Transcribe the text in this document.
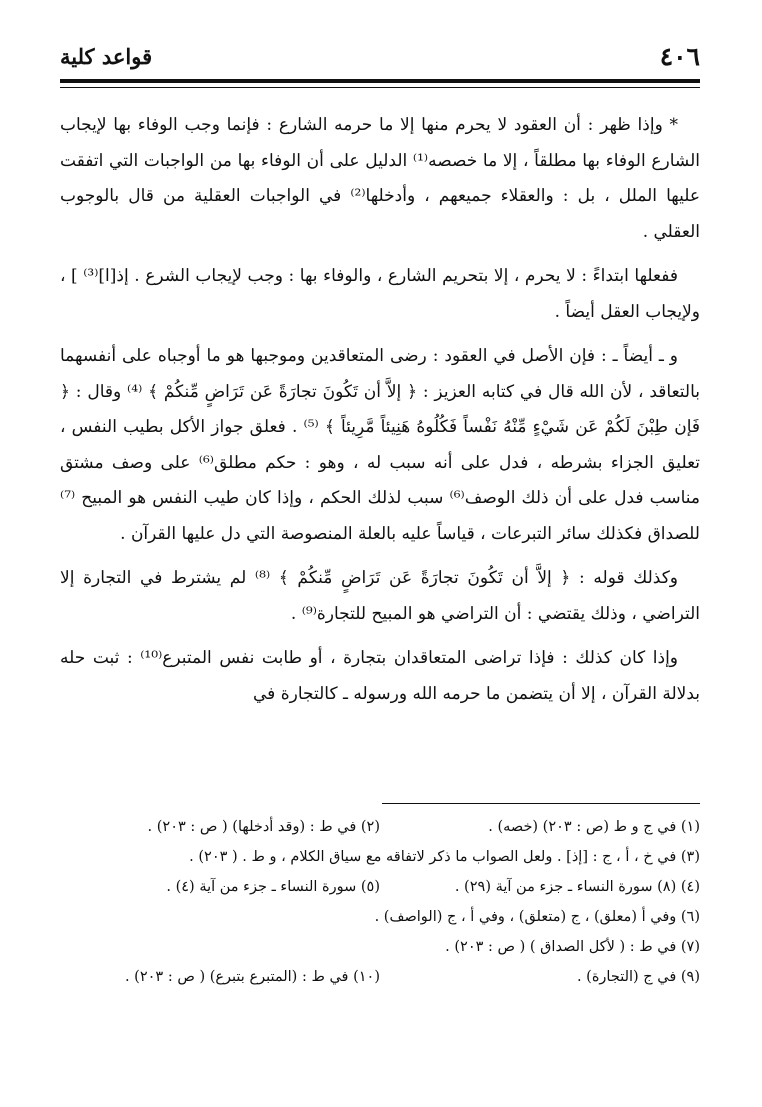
٤٠٦
قواعد كلية

* وإذا ظهر : أن العقود لا يحرم منها إلا ما حرمه الشارع : فإنما وجب الوفاء بها لإيجاب الشارع الوفاء بها مطلقاً ، إلا ما خصصه⁽¹⁾ الدليل على أن الوفاء بها من الواجبات التي اتفقت عليها الملل ، بل : والعقلاء جميعهم ، وأدخلها⁽²⁾ في الواجبات العقلية من قال بالوجوب العقلي .

ففعلها ابتداءً : لا يحرم ، إلا بتحريم الشارع ، والوفاء بها : وجب لإيجاب الشرع . إذ[ا]⁽³⁾ ] ، ولإيجاب العقل أيضاً .

و ـ أيضاً ـ : فإن الأصل في العقود : رضى المتعاقدين وموجبها هو ما أوجباه على أنفسهما بالتعاقد ، لأن الله قال في كتابه العزيز : ﴿ إلاَّ أن تَكُونَ تجارَةً عَن تَرَاضٍ مِّنكُمْ ﴾ ⁽⁴⁾ وقال : ﴿ فَإن طِبْنَ لَكُمْ عَن شَيْءٍ مِّنْهُ نَفْساً فَكُلُوهُ هَنِيئاً مَّرِيئاً ﴾ ⁽⁵⁾ . فعلق جواز الأكل بطيب النفس ، تعليق الجزاء بشرطه ، فدل على أنه سبب له ، وهو : حكم مطلق⁽⁶⁾ على وصف مشتق مناسب فدل على أن ذلك الوصف⁽⁶⁾ سبب لذلك الحكم ، وإذا كان طيب النفس هو المبيح ⁽⁷⁾ للصداق فكذلك سائر التبرعات ، قياساً عليه بالعلة المنصوصة التي دل عليها القرآن .

وكذلك قوله : ﴿ إلاَّ أن تَكُونَ تجارَةً عَن تَرَاضٍ مِّنكُمْ ﴾ ⁽⁸⁾ لم يشترط في التجارة إلا التراضي ، وذلك يقتضي : أن التراضي هو المبيح للتجارة⁽⁹⁾ .

وإذا كان كذلك : فإذا تراضى المتعاقدان بتجارة ، أو طابت نفس المتبرع⁽¹⁰⁾ : ثبت حله بدلالة القرآن ، إلا أن يتضمن ما حرمه الله ورسوله ـ كالتجارة في

(١) في ج و ط (ص : ٢٠٣) (خصه) .
(٢) في ط : (وقد أدخلها) ( ص : ٢٠٣) .
(٣) في خ ، أ ، ج : [إذ] . ولعل الصواب ما ذكر لاتفاقه مع سياق الكلام ، و ط . ( ٢٠٣) .
(٤) (٨) سورة النساء ـ جزء من آية (٢٩) .
(٥) سورة النساء ـ جزء من آية (٤) .
(٦) وفي أ (معلق) ، ج (متعلق) ، وفي أ ، ج (الواصف) .
(٧) في ط : ( لأكل الصداق ) ( ص : ٢٠٣) .
(٩) في ج (التجارة) .
(١٠) في ط : (المتبرع بتبرع) ( ص : ٢٠٣) .
